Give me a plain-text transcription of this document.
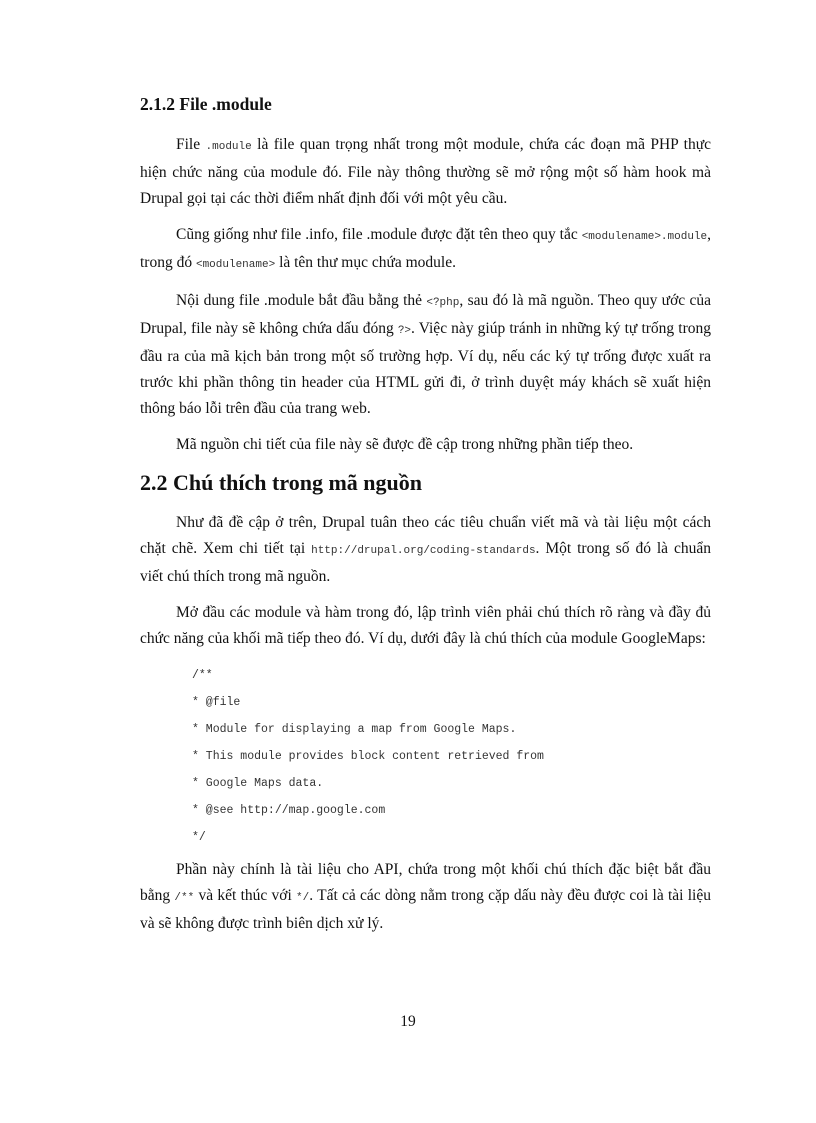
2.1.2 File .module

File .module là file quan trọng nhất trong một module, chứa các đoạn mã PHP thực hiện chức năng của module đó. File này thông thường sẽ mở rộng một số hàm hook mà Drupal gọi tại các thời điểm nhất định đối với một yêu cầu.

Cũng giống như file .info, file .module được đặt tên theo quy tắc <modulename>.module, trong đó <modulename> là tên thư mục chứa module.

Nội dung file .module bắt đầu bằng thẻ <?php, sau đó là mã nguồn. Theo quy ước của Drupal, file này sẽ không chứa dấu đóng ?>. Việc này giúp tránh in những ký tự trống trong đầu ra của mã kịch bản trong một số trường hợp. Ví dụ, nếu các ký tự trống được xuất ra trước khi phần thông tin header của HTML gửi đi, ở trình duyệt máy khách sẽ xuất hiện thông báo lỗi trên đầu của trang web.

Mã nguồn chi tiết của file này sẽ được đề cập trong những phần tiếp theo.

2.2 Chú thích trong mã nguồn

Như đã đề cập ở trên, Drupal tuân theo các tiêu chuẩn viết mã và tài liệu một cách chặt chẽ. Xem chi tiết tại http://drupal.org/coding-standards. Một trong số đó là chuẩn viết chú thích trong mã nguồn.

Mở đầu các module và hàm trong đó, lập trình viên phải chú thích rõ ràng và đầy đủ chức năng của khối mã tiếp theo đó. Ví dụ, dưới đây là chú thích của module GoogleMaps:

/**
* @file
* Module for displaying a map from Google Maps.
* This module provides block content retrieved from
* Google Maps data.
* @see http://map.google.com
*/

Phần này chính là tài liệu cho API, chứa trong một khối chú thích đặc biệt bắt đầu bằng /** và kết thúc với */. Tất cả các dòng nằm trong cặp dấu này đều được coi là tài liệu và sẽ không được trình biên dịch xử lý.

19
